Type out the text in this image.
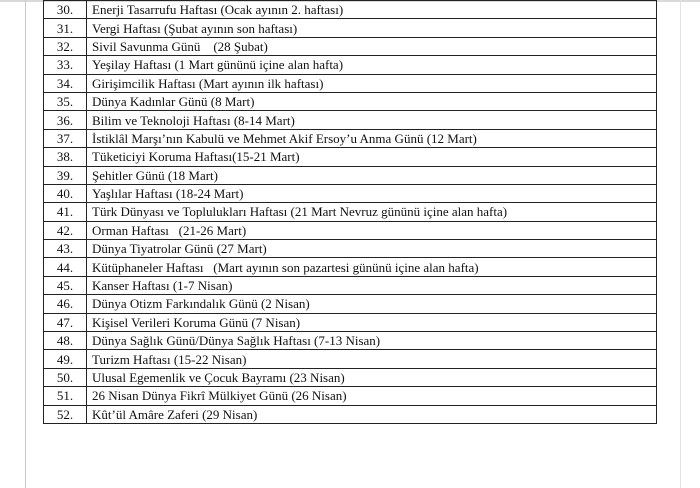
30.	Enerji Tasarrufu Haftası (Ocak ayının 2. haftası)
31.	Vergi Haftası (Şubat ayının son haftası)
32.	Sivil Savunma Günü    (28 Şubat)
33.	Yeşilay Haftası (1 Mart gününü içine alan hafta)
34.	Girişimcilik Haftası (Mart ayının ilk haftası)
35.	Dünya Kadınlar Günü (8 Mart)
36.	Bilim ve Teknoloji Haftası (8-14 Mart)
37.	İstiklâl Marşı’nın Kabulü ve Mehmet Akif Ersoy’u Anma Günü (12 Mart)
38.	Tüketiciyi Koruma Haftası(15-21 Mart)
39.	Şehitler Günü (18 Mart)
40.	Yaşlılar Haftası (18-24 Mart)
41.	Türk Dünyası ve Toplulukları Haftası (21 Mart Nevruz gününü içine alan hafta)
42.	Orman Haftası   (21-26 Mart)
43.	Dünya Tiyatrolar Günü (27 Mart)
44.	Kütüphaneler Haftası   (Mart ayının son pazartesi gününü içine alan hafta)
45.	Kanser Haftası (1-7 Nisan)
46.	Dünya Otizm Farkındalık Günü (2 Nisan)
47.	Kişisel Verileri Koruma Günü (7 Nisan)
48.	Dünya Sağlık Günü/Dünya Sağlık Haftası (7-13 Nisan)
49.	Turizm Haftası (15-22 Nisan)
50.	Ulusal Egemenlik ve Çocuk Bayramı (23 Nisan)
51.	26 Nisan Dünya Fikrî Mülkiyet Günü (26 Nisan)
52.	Kût’ül Amâre Zaferi (29 Nisan)
